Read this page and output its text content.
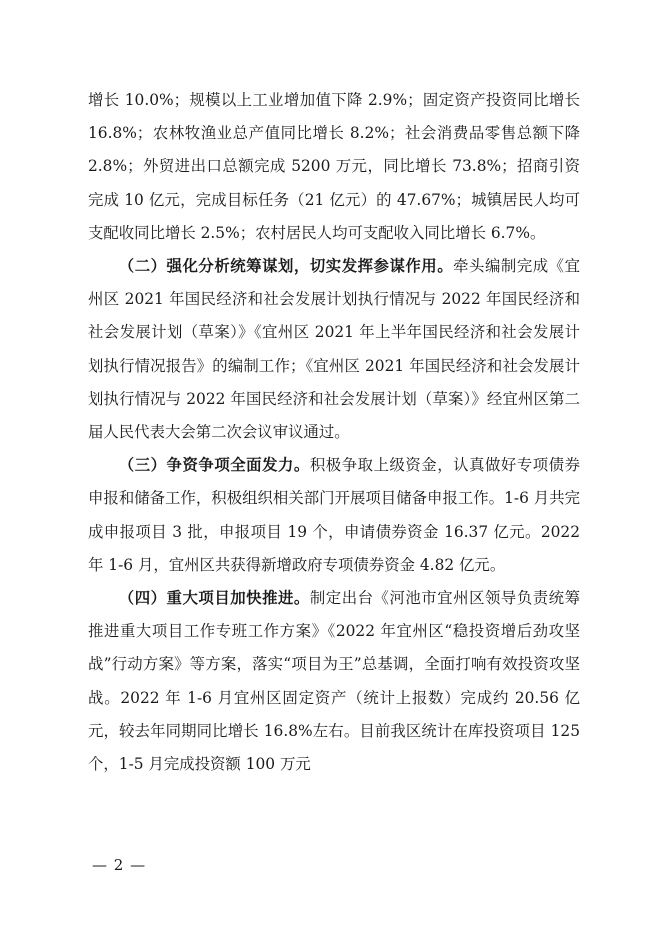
增长 10.0%；规模以上工业增加值下降 2.9%；固定资产投资同比增长 16.8%；农林牧渔业总产值同比增长 8.2%；社会消费品零售总额下降 2.8%；外贸进出口总额完成 5200 万元，同比增长 73.8%；招商引资完成 10 亿元，完成目标任务（21 亿元）的 47.67%；城镇居民人均可支配收同比增长 2.5%；农村居民人均可支配收入同比增长 6.7%。

（二）强化分析统筹谋划，切实发挥参谋作用。牵头编制完成《宜州区 2021 年国民经济和社会发展计划执行情况与 2022 年国民经济和社会发展计划（草案）》《宜州区 2021 年上半年国民经济和社会发展计划执行情况报告》的编制工作；《宜州区 2021 年国民经济和社会发展计划执行情况与 2022 年国民经济和社会发展计划（草案）》经宜州区第二届人民代表大会第二次会议审议通过。

（三）争资争项全面发力。积极争取上级资金，认真做好专项债券申报和储备工作，积极组织相关部门开展项目储备申报工作。1-6 月共完成申报项目 3 批，申报项目 19 个，申请债券资金 16.37 亿元。2022 年 1-6 月，宜州区共获得新增政府专项债券资金 4.82 亿元。

（四）重大项目加快推进。制定出台《河池市宜州区领导负责统筹推进重大项目工作专班工作方案》《2022 年宜州区“稳投资增后劲攻坚战”行动方案》等方案，落实“项目为王”总基调，全面打响有效投资攻坚战。2022 年 1-6 月宜州区固定资产（统计上报数）完成约 20.56 亿元，较去年同期同比增长 16.8%左右。目前我区统计在库投资项目 125 个，1-5 月完成投资额 100 万元

— 2 —
